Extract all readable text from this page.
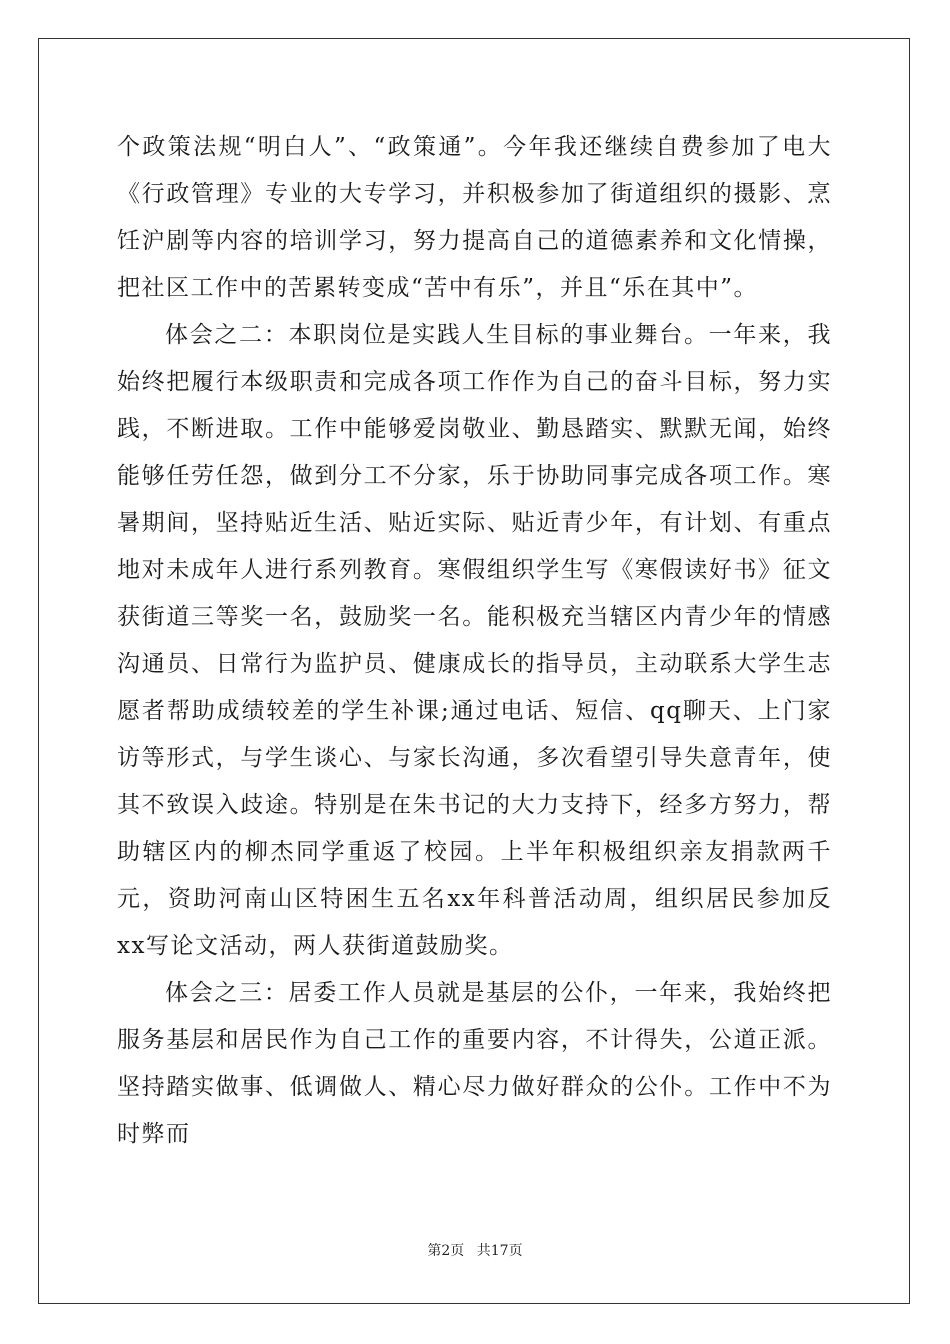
个政策法规“明白人”、“政策通”。今年我还继续自费参加了电大《行政管理》专业的大专学习，并积极参加了街道组织的摄影、烹饪沪剧等内容的培训学习，努力提高自己的道德素养和文化情操，把社区工作中的苦累转变成“苦中有乐”，并且“乐在其中”。

体会之二：本职岗位是实践人生目标的事业舞台。一年来，我始终把履行本级职责和完成各项工作作为自己的奋斗目标，努力实践，不断进取。工作中能够爱岗敬业、勤恳踏实、默默无闻，始终能够任劳任怨，做到分工不分家，乐于协助同事完成各项工作。寒暑期间，坚持贴近生活、贴近实际、贴近青少年，有计划、有重点地对未成年人进行系列教育。寒假组织学生写《寒假读好书》征文获街道三等奖一名，鼓励奖一名。能积极充当辖区内青少年的情感沟通员、日常行为监护员、健康成长的指导员，主动联系大学生志愿者帮助成绩较差的学生补课;通过电话、短信、qq聊天、上门家访等形式，与学生谈心、与家长沟通，多次看望引导失意青年，使其不致误入歧途。特别是在朱书记的大力支持下，经多方努力，帮助辖区内的柳杰同学重返了校园。上半年积极组织亲友捐款两千元，资助河南山区特困生五名xx年科普活动周，组织居民参加反xx写论文活动，两人获街道鼓励奖。

体会之三：居委工作人员就是基层的公仆，一年来，我始终把服务基层和居民作为自己工作的重要内容，不计得失，公道正派。坚持踏实做事、低调做人、精心尽力做好群众的公仆。工作中不为时弊而

第2页 共17页
